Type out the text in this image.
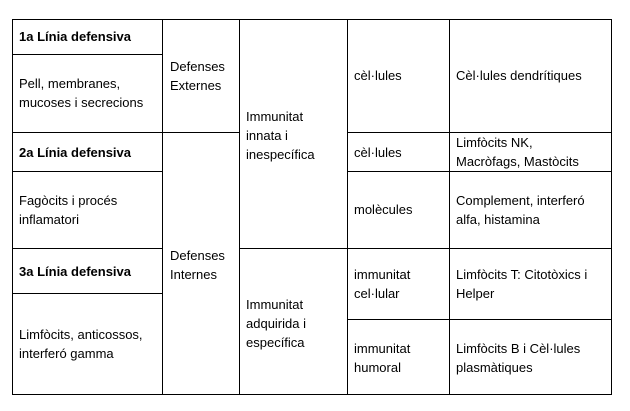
1a Línia defensiva
Pell, membranes,
mucoses i secrecions
2a Línia defensiva
Fagòcits i procés
inflamatori
3a Línia defensiva
Limfòcits, anticossos,
interferó gamma
Defenses
Externes
Defenses
Internes
Immunitat
innata i
inespecífica
Immunitat
adquirida i
específica
cèl·lules
cèl·lules
molècules
immunitat
cel·lular
immunitat
humoral
Cèl·lules dendrítiques
Limfòcits NK,
Macròfags, Mastòcits
Complement, interferó
alfa, histamina
Limfòcits T: Citotòxics i
Helper
Limfòcits B i Cèl·lules
plasmàtiques
